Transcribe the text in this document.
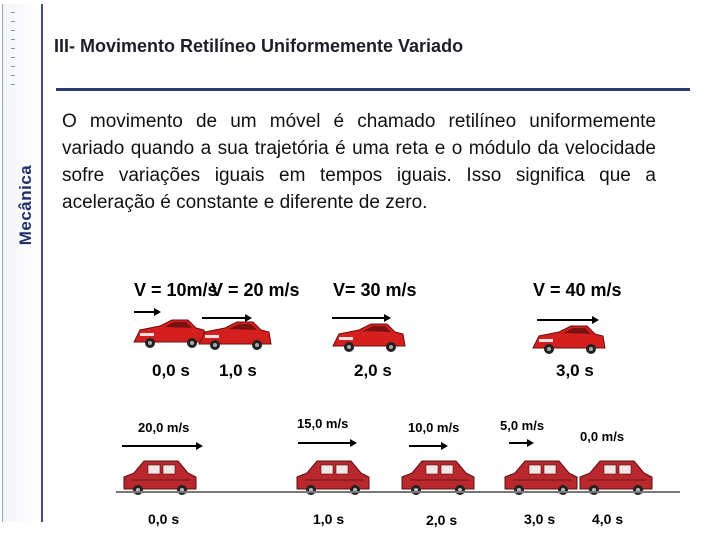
Mecânica
III- Movimento Retilíneo Uniformemente Variado
O movimento de um móvel é chamado retilíneo uniformemente variado quando a sua trajetória é uma reta e o módulo da velocidade sofre variações iguais em tempos iguais. Isso significa que a aceleração é constante e diferente de zero.
V = 10m/s
V = 20 m/s V= 30 m/s	V = 40 m/s
0,0 s 1,0 s	2,0 s	3,0 s
20,0 m/s	15,0 m/s	10,0 m/s	5,0 m/s
0,0 m/s
0,0 s	1,0 s	2,0 s	3,0 s	4,0 s
